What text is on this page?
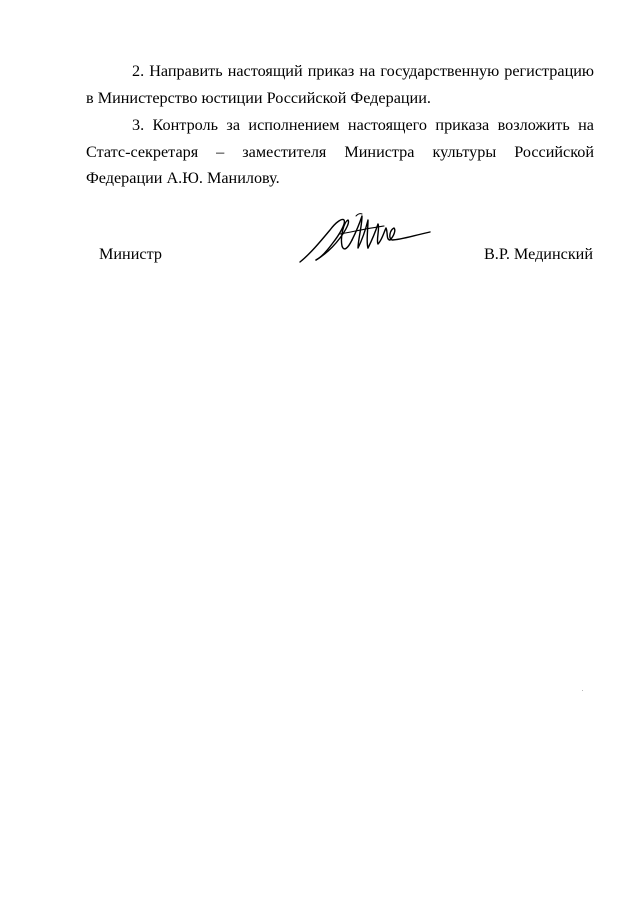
2. Направить настоящий приказ на государственную регистрацию в Министерство юстиции Российской Федерации.

3. Контроль за исполнением настоящего приказа возложить на Статс-секретаря – заместителя Министра культуры Российской Федерации А.Ю. Манилову.

Министр	В.Р. Мединский
